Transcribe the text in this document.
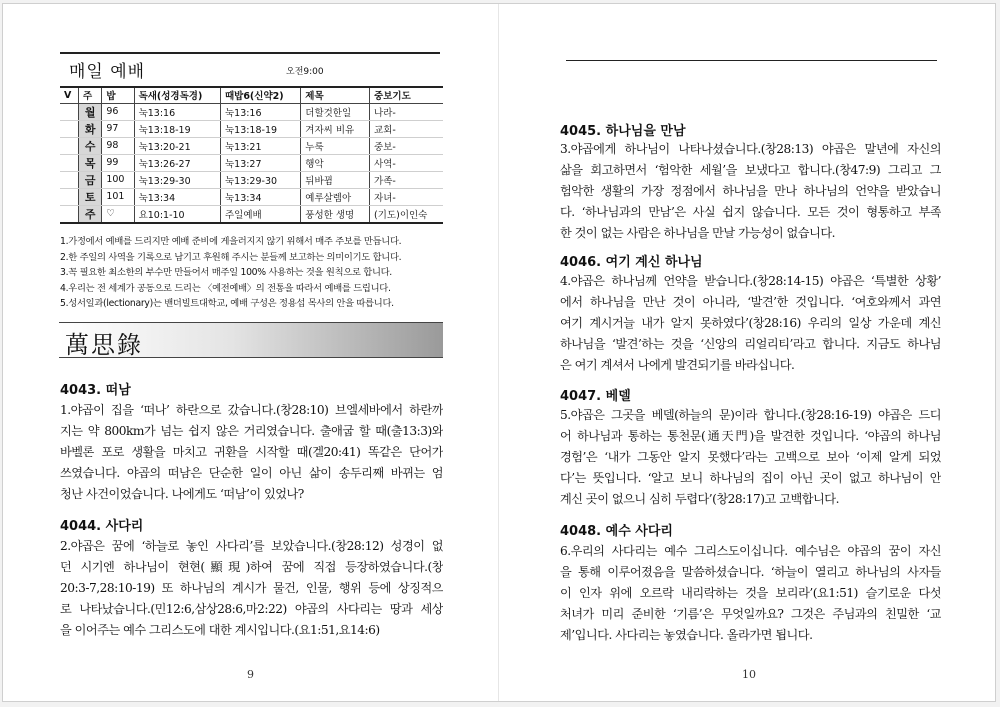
매일 예배	오전9:00
V	주	밥	독새(성경독경)	때밥6(신약2)	제목	중보기도
	월	96	눅13:16	눅13:16	더할것한일	나라-
	화	97	눅13:18-19	눅13:18-19	겨자씨 비유	교회-
	수	98	눅13:20-21	눅13:21	누룩	중보-
	목	99	눅13:26-27	눅13:27	행악	사역-
	금	100	눅13:29-30	눅13:29-30	뒤바뀜	가족-
	토	101	눅13:34	눅13:34	예루살렘아	자녀-
	주	♡	요10:1-10	주일예배	풍성한 생명	(기도)이인숙
1.가정에서 예배를 드리지만 예배 준비에 게을러지지 않기 위해서 매주 주보를 만듭니다.
2.한 주일의 사역을 기록으로 남기고 후원해 주시는 분들께 보고하는 의미이기도 합니다.
3.꼭 필요한 최소한의 부수만 만들어서 매주일 100% 사용하는 것을 원칙으로 합니다.
4.우리는 전 세계가 공동으로 드리는 〈예전예배〉의 전통을 따라서 예배를 드립니다.
5.성서일과(lectionary)는 밴더빌트대학교, 예배 구성은 정용섭 목사의 안을 따릅니다.
萬思錄
4043. 떠남
1.야곱이 집을 ‘떠나’ 하란으로 갔습니다.(창28:10) 브엘세바에서 하란까
지는 약 800km가 넘는 쉽지 않은 거리였습니다. 출애굽 할 때(출13:3)와
바벨론 포로 생활을 마치고 귀환을 시작할 때(겔20:41) 똑같은 단어가
쓰였습니다. 야곱의 떠남은 단순한 일이 아닌 삶이 송두리째 바뀌는 엄
청난 사건이었습니다. 나에게도 ‘떠남’이 있었나?
4044. 사다리
2.야곱은 꿈에 ‘하늘로 놓인 사다리’를 보았습니다.(창28:12) 성경이 없
던 시기엔 하나님이 현현(顯現)하여 꿈에 직접 등장하였습니다.(창
20:3-7,28:10-19) 또 하나님의 계시가 물건, 인물, 행위 등에 상징적으
로 나타났습니다.(민12:6,삼상28:6,마2:22) 야곱의 사다리는 땅과 세상
을 이어주는 예수 그리스도에 대한 계시입니다.(요1:51,요14:6)
9
4045. 하나님을 만남
3.야곱에게 하나님이 나타나셨습니다.(창28:13) 야곱은 말년에 자신의
삶을 회고하면서 ‘험악한 세월’을 보냈다고 합니다.(창47:9) 그리고 그
험악한 생활의 가장 정점에서 하나님을 만나 하나님의 언약을 받았습니
다. ‘하나님과의 만남’은 사실 쉽지 않습니다. 모든 것이 형통하고 부족
한 것이 없는 사람은 하나님을 만날 가능성이 없습니다.
4046. 여기 계신 하나님
4.야곱은 하나님께 언약을 받습니다.(창28:14-15) 야곱은 ‘특별한 상황’
에서 하나님을 만난 것이 아니라, ‘발견’한 것입니다. ‘여호와께서 과연
여기 계시거늘 내가 알지 못하였다’(창28:16) 우리의 일상 가운데 계신
하나님을 ‘발견’하는 것을 ‘신앙의 리얼리티’라고 합니다. 지금도 하나님
은 여기 계셔서 나에게 발견되기를 바라십니다.
4047. 베델
5.야곱은 그곳을 베델(하늘의 문)이라 합니다.(창28:16-19) 야곱은 드디
어 하나님과 통하는 통천문(通天門)을 발견한 것입니다. ‘야곱의 하나님
경험’은 ‘내가 그동안 알지 못했다’라는 고백으로 보아 ‘이제 알게 되었
다’는 뜻입니다. ‘알고 보니 하나님의 집이 아닌 곳이 없고 하나님이 안
계신 곳이 없으니 심히 두렵다’(창28:17)고 고백합니다.
4048. 예수 사다리
6.우리의 사다리는 예수 그리스도이십니다. 예수님은 야곱의 꿈이 자신
을 통해 이루어졌음을 말씀하셨습니다. ‘하늘이 열리고 하나님의 사자들
이 인자 위에 오르락 내리락하는 것을 보리라’(요1:51) 슬기로운 다섯
처녀가 미리 준비한 ‘기름’은 무엇일까요? 그것은 주님과의 친밀한 ‘교
제’입니다. 사다리는 놓였습니다. 올라가면 됩니다.
10
